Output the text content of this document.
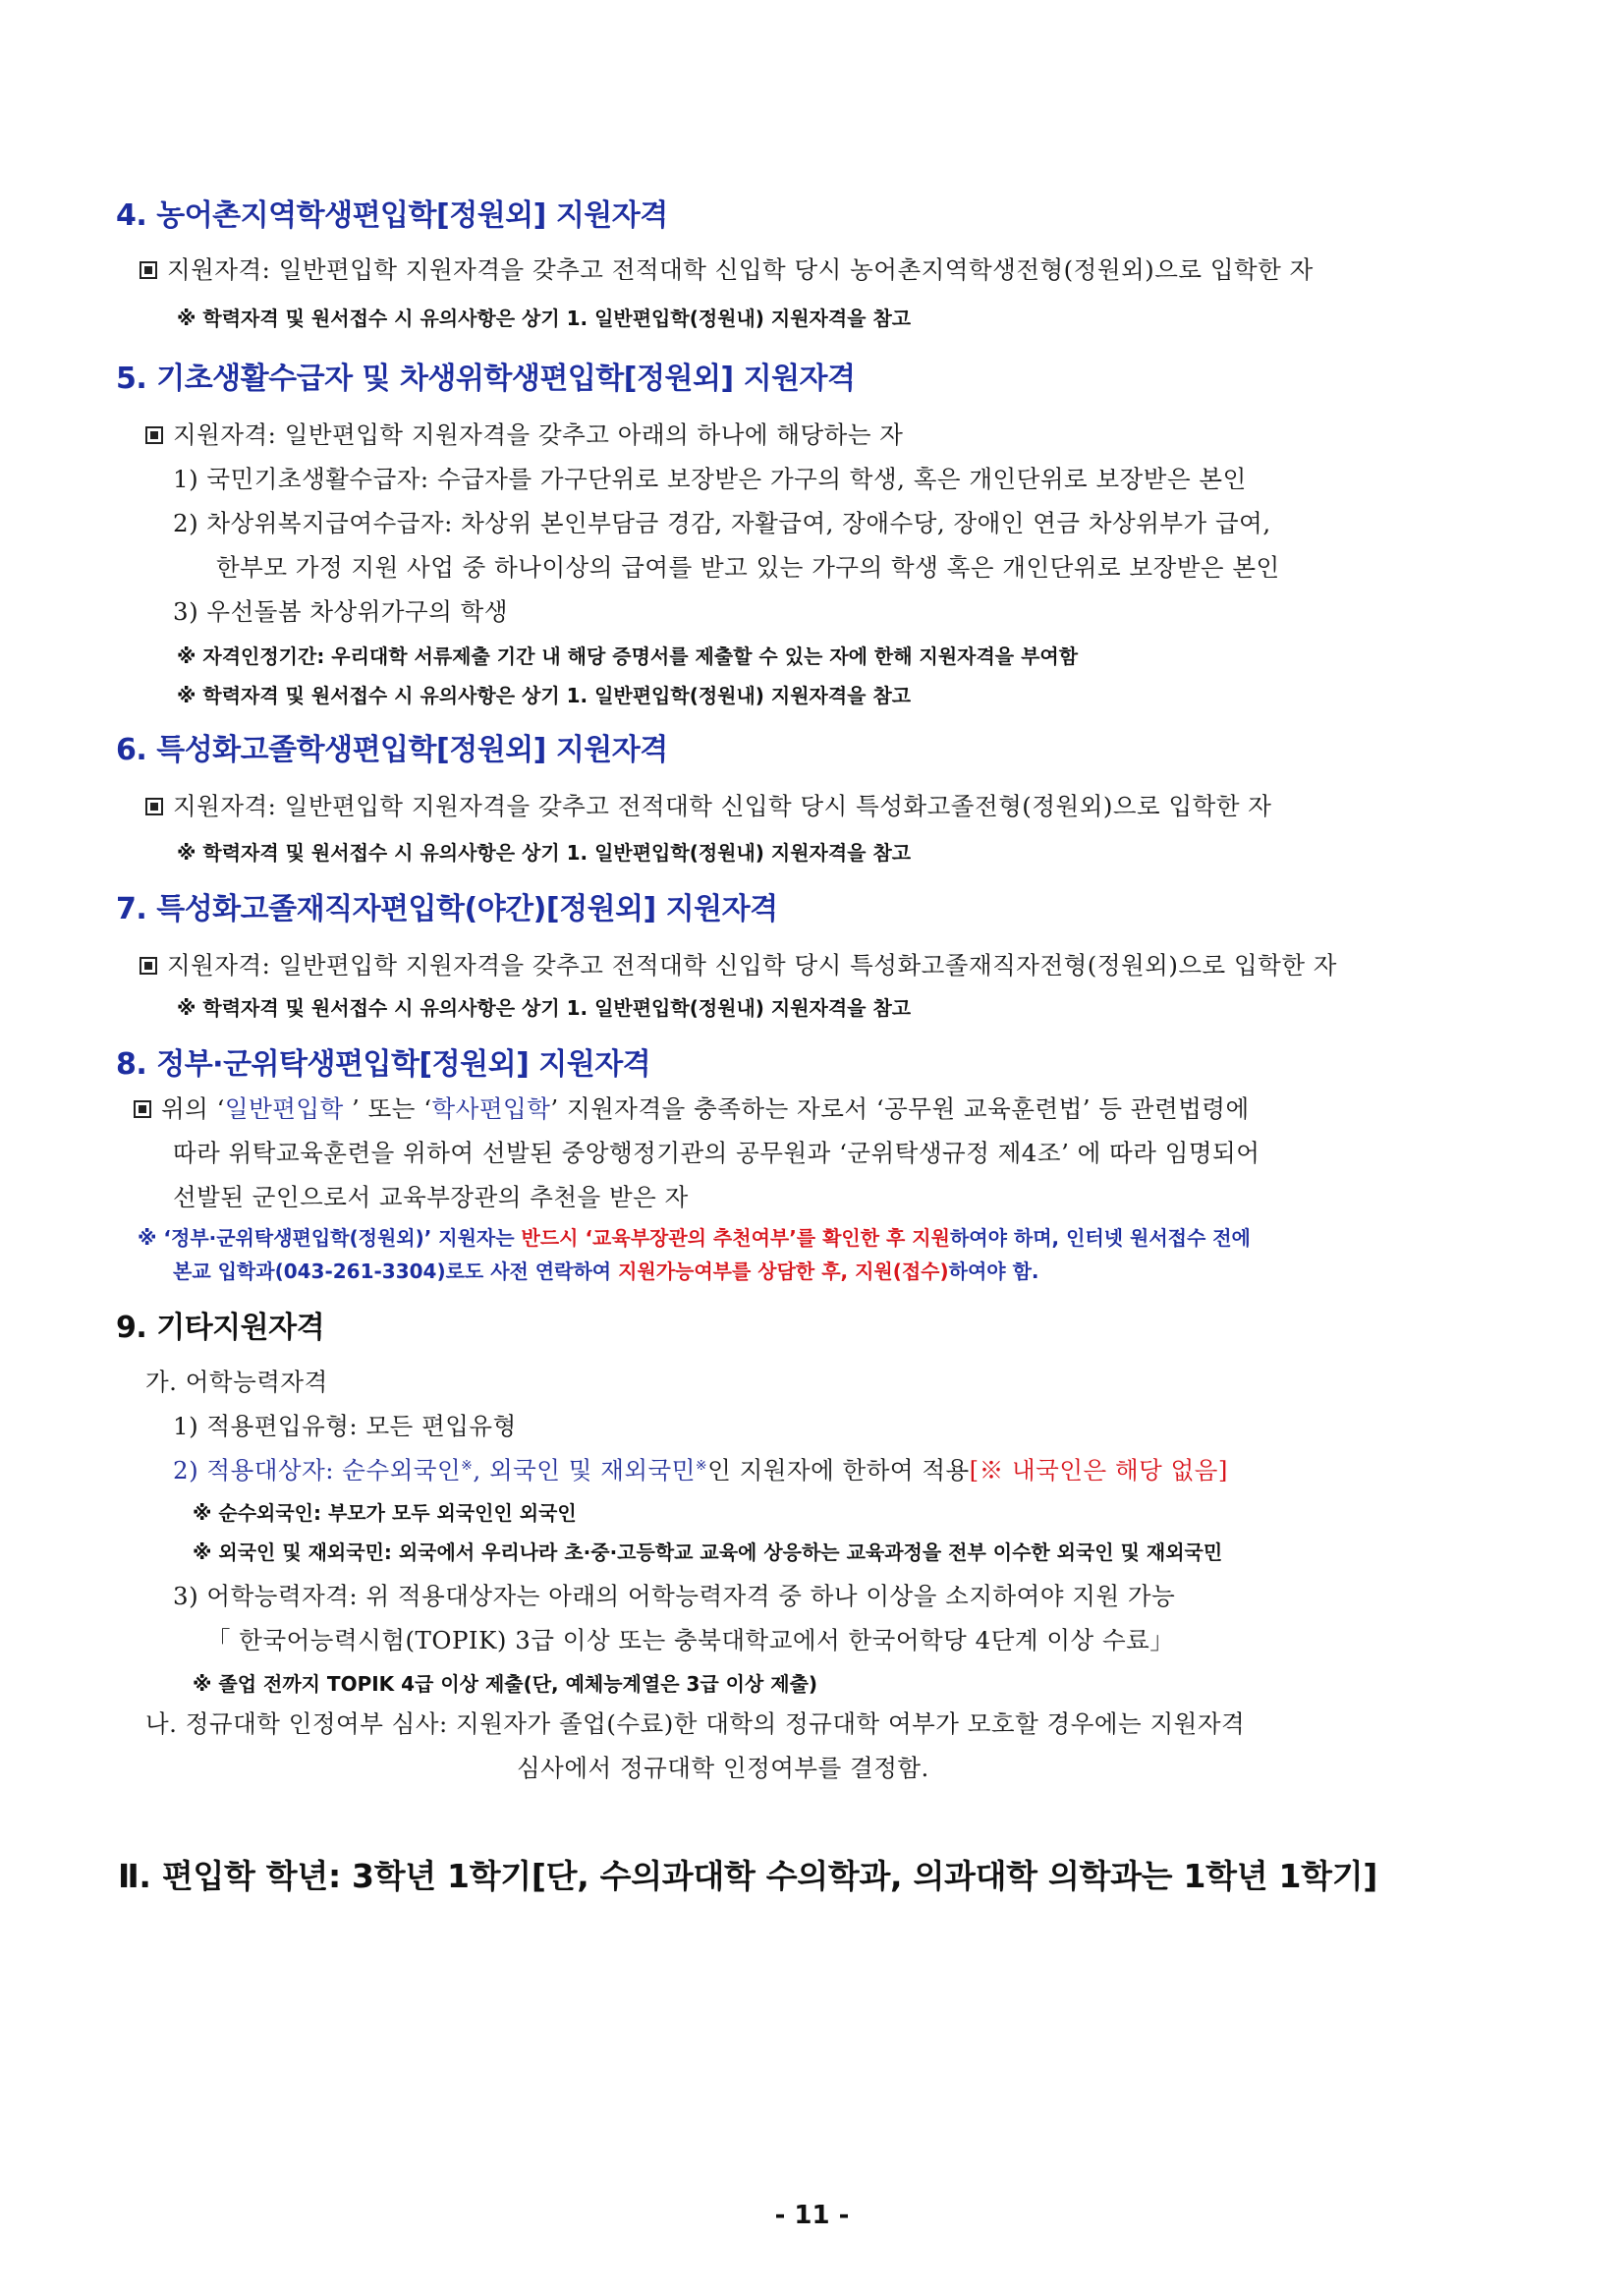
4. 농어촌지역학생편입학[정원외] 지원자격
지원자격: 일반편입학 지원자격을 갖추고 전적대학 신입학 당시 농어촌지역학생전형(정원외)으로 입학한 자
※ 학력자격 및 원서접수 시 유의사항은 상기 1. 일반편입학(정원내) 지원자격을 참고
5. 기초생활수급자 및 차생위학생편입학[정원외] 지원자격
지원자격: 일반편입학 지원자격을 갖추고 아래의 하나에 해당하는 자
1) 국민기초생활수급자: 수급자를 가구단위로 보장받은 가구의 학생, 혹은 개인단위로 보장받은 본인
2) 차상위복지급여수급자: 차상위 본인부담금 경감, 자활급여, 장애수당, 장애인 연금 차상위부가 급여,
한부모 가정 지원 사업 중 하나이상의 급여를 받고 있는 가구의 학생 혹은 개인단위로 보장받은 본인
3) 우선돌봄 차상위가구의 학생
※ 자격인정기간: 우리대학 서류제출 기간 내 해당 증명서를 제출할 수 있는 자에 한해 지원자격을 부여함
※ 학력자격 및 원서접수 시 유의사항은 상기 1. 일반편입학(정원내) 지원자격을 참고
6. 특성화고졸학생편입학[정원외] 지원자격
지원자격: 일반편입학 지원자격을 갖추고 전적대학 신입학 당시 특성화고졸전형(정원외)으로 입학한 자
※ 학력자격 및 원서접수 시 유의사항은 상기 1. 일반편입학(정원내) 지원자격을 참고
7. 특성화고졸재직자편입학(야간)[정원외] 지원자격
지원자격: 일반편입학 지원자격을 갖추고 전적대학 신입학 당시 특성화고졸재직자전형(정원외)으로 입학한 자
※ 학력자격 및 원서접수 시 유의사항은 상기 1. 일반편입학(정원내) 지원자격을 참고
8. 정부·군위탁생편입학[정원외] 지원자격
위의 ‘일반편입학 ’ 또는 ‘학사편입학’ 지원자격을 충족하는 자로서 ‘공무원 교육훈련법’ 등 관련법령에
따라 위탁교육훈련을 위하여 선발된 중앙행정기관의 공무원과 ‘군위탁생규정 제4조’ 에 따라 임명되어
선발된 군인으로서 교육부장관의 추천을 받은 자
※ ‘정부·군위탁생편입학(정원외)’ 지원자는 반드시 ‘교육부장관의 추천여부’를 확인한 후 지원하여야 하며, 인터넷 원서접수 전에
본교 입학과(043-261-3304)로도 사전 연락하여 지원가능여부를 상담한 후, 지원(접수)하여야 함.
9. 기타지원자격
가. 어학능력자격
1) 적용편입유형: 모든 편입유형
2) 적용대상자: 순수외국인※, 외국인 및 재외국민※인 지원자에 한하여 적용[※ 내국인은 해당 없음]
※ 순수외국인: 부모가 모두 외국인인 외국인
※ 외국인 및 재외국민: 외국에서 우리나라 초·중·고등학교 교육에 상응하는 교육과정을 전부 이수한 외국인 및 재외국민
3) 어학능력자격: 위 적용대상자는 아래의 어학능력자격 중 하나 이상을 소지하여야 지원 가능
「 한국어능력시험(TOPIK) 3급 이상 또는 충북대학교에서 한국어학당 4단계 이상 수료」
※ 졸업 전까지 TOPIK 4급 이상 제출(단, 예체능계열은 3급 이상 제출)
나. 정규대학 인정여부 심사: 지원자가 졸업(수료)한 대학의 정규대학 여부가 모호할 경우에는 지원자격
심사에서 정규대학 인정여부를 결정함.
Ⅱ. 편입학 학년: 3학년 1학기[단, 수의과대학 수의학과, 의과대학 의학과는 1학년 1학기]
- 11 -
